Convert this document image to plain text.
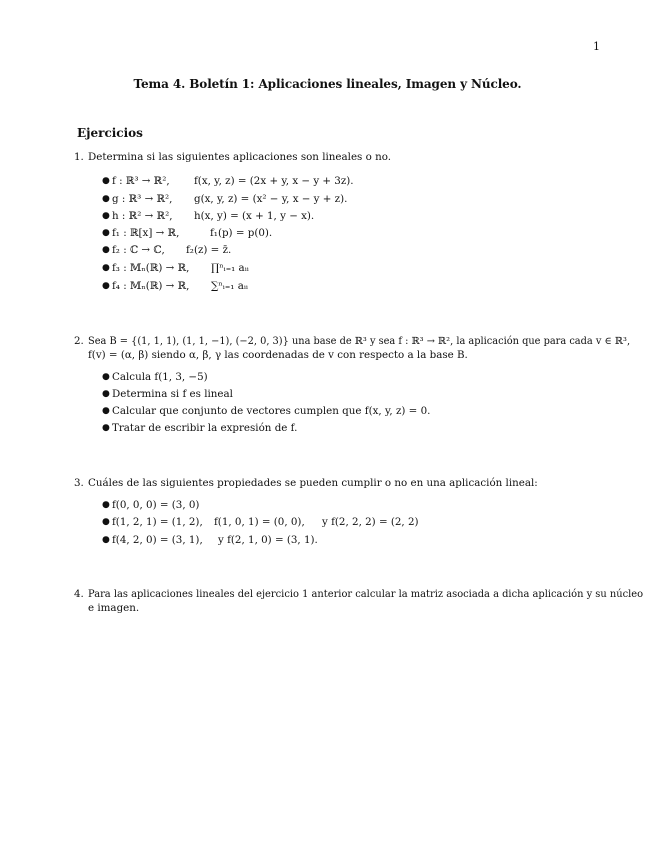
1
Tema 4. Boletín 1: Aplicaciones lineales, Imagen y Núcleo.
Ejercicios
1. Determina si las siguientes aplicaciones son lineales o no.
● f : ℝ³ → ℝ², f(x, y, z) = (2x + y, x − y + 3z).
● g : ℝ³ → ℝ², g(x, y, z) = (x² − y, x − y + z).
● h : ℝ² → ℝ², h(x, y) = (x + 1, y − x).
● f₁ : ℝ[x] → ℝ,	f₁(p) = p(0).
● f₂ : ℂ → ℂ, f₂(z) = z̄.
● f₃ : 𝕄ₙ(ℝ) → ℝ, ∏ⁿᵢ₌₁ aᵢᵢ
● f₄ : 𝕄ₙ(ℝ) → ℝ, ∑ⁿᵢ₌₁ aᵢᵢ
2. Sea B = {(1, 1, 1), (1, 1, −1), (−2, 0, 3)} una base de ℝ³ y sea f : ℝ³ → ℝ², la aplicación que para cada v ∈ ℝ³,
f(v) = (α, β) siendo α, β, γ las coordenadas de v con respecto a la base B.
● Calcula f(1, 3, −5)
● Determina si f es lineal
● Calcular que conjunto de vectores cumplen que f(x, y, z) = 0.
● Tratar de escribir la expresión de f.
3. Cuáles de las siguientes propiedades se pueden cumplir o no en una aplicación lineal:
● f(0, 0, 0) = (3, 0)
● f(1, 2, 1) = (1, 2), f(1, 0, 1) = (0, 0), y f(2, 2, 2) = (2, 2)
● f(4, 2, 0) = (3, 1), y f(2, 1, 0) = (3, 1).
4. Para las aplicaciones lineales del ejercicio 1 anterior calcular la matriz asociada a dicha aplicación y su núcleo
e imagen.
